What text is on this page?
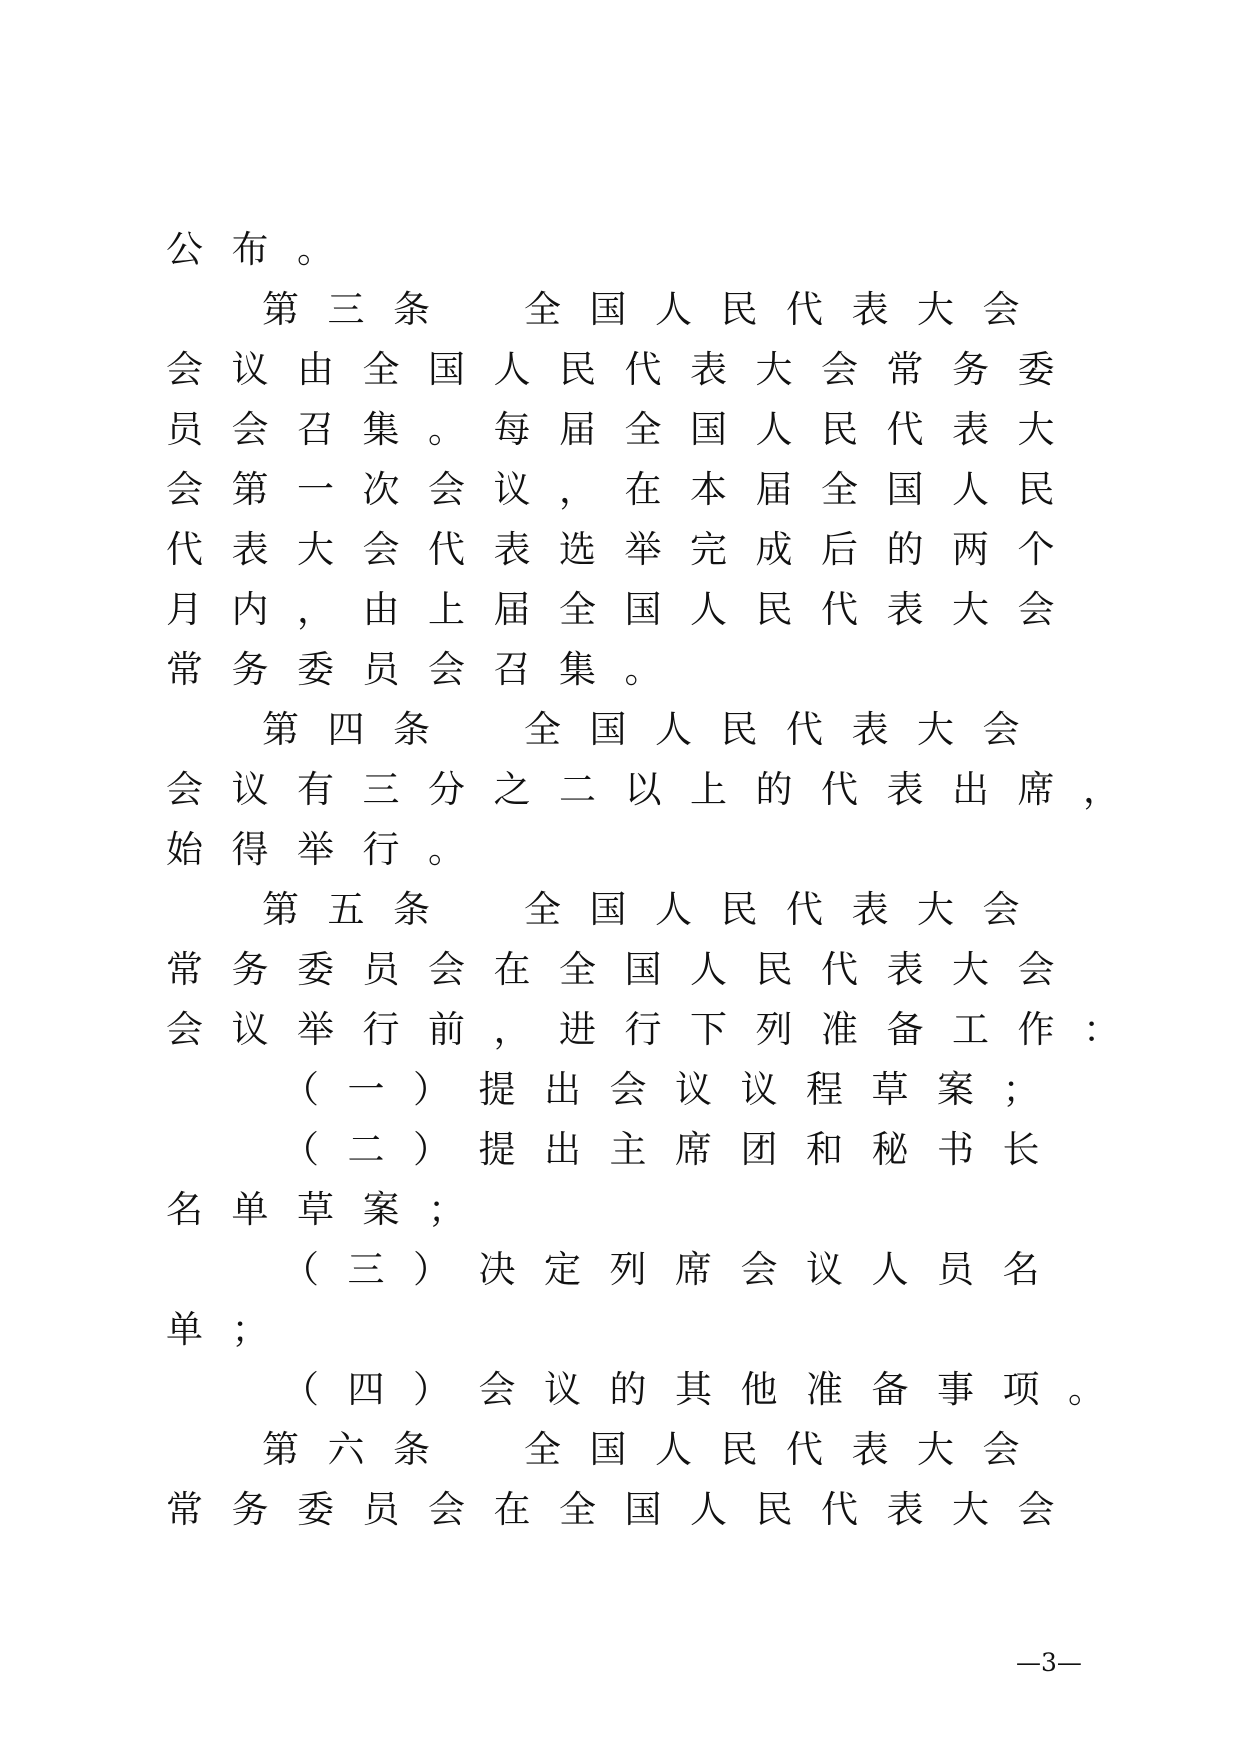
公布。
第三条　全国人民代表大会
会议由全国人民代表大会常务委
员会召集。每届全国人民代表大
会第一次会议，在本届全国人民
代表大会代表选举完成后的两个
月内，由上届全国人民代表大会
常务委员会召集。
第四条　全国人民代表大会
会议有三分之二以上的代表出席，
始得举行。
第五条　全国人民代表大会
常务委员会在全国人民代表大会
会议举行前，进行下列准备工作：
（一）提出会议议程草案；
（二）提出主席团和秘书长
名单草案；
（三）决定列席会议人员名
单；
（四）会议的其他准备事项。
第六条　全国人民代表大会
常务委员会在全国人民代表大会
—3—
